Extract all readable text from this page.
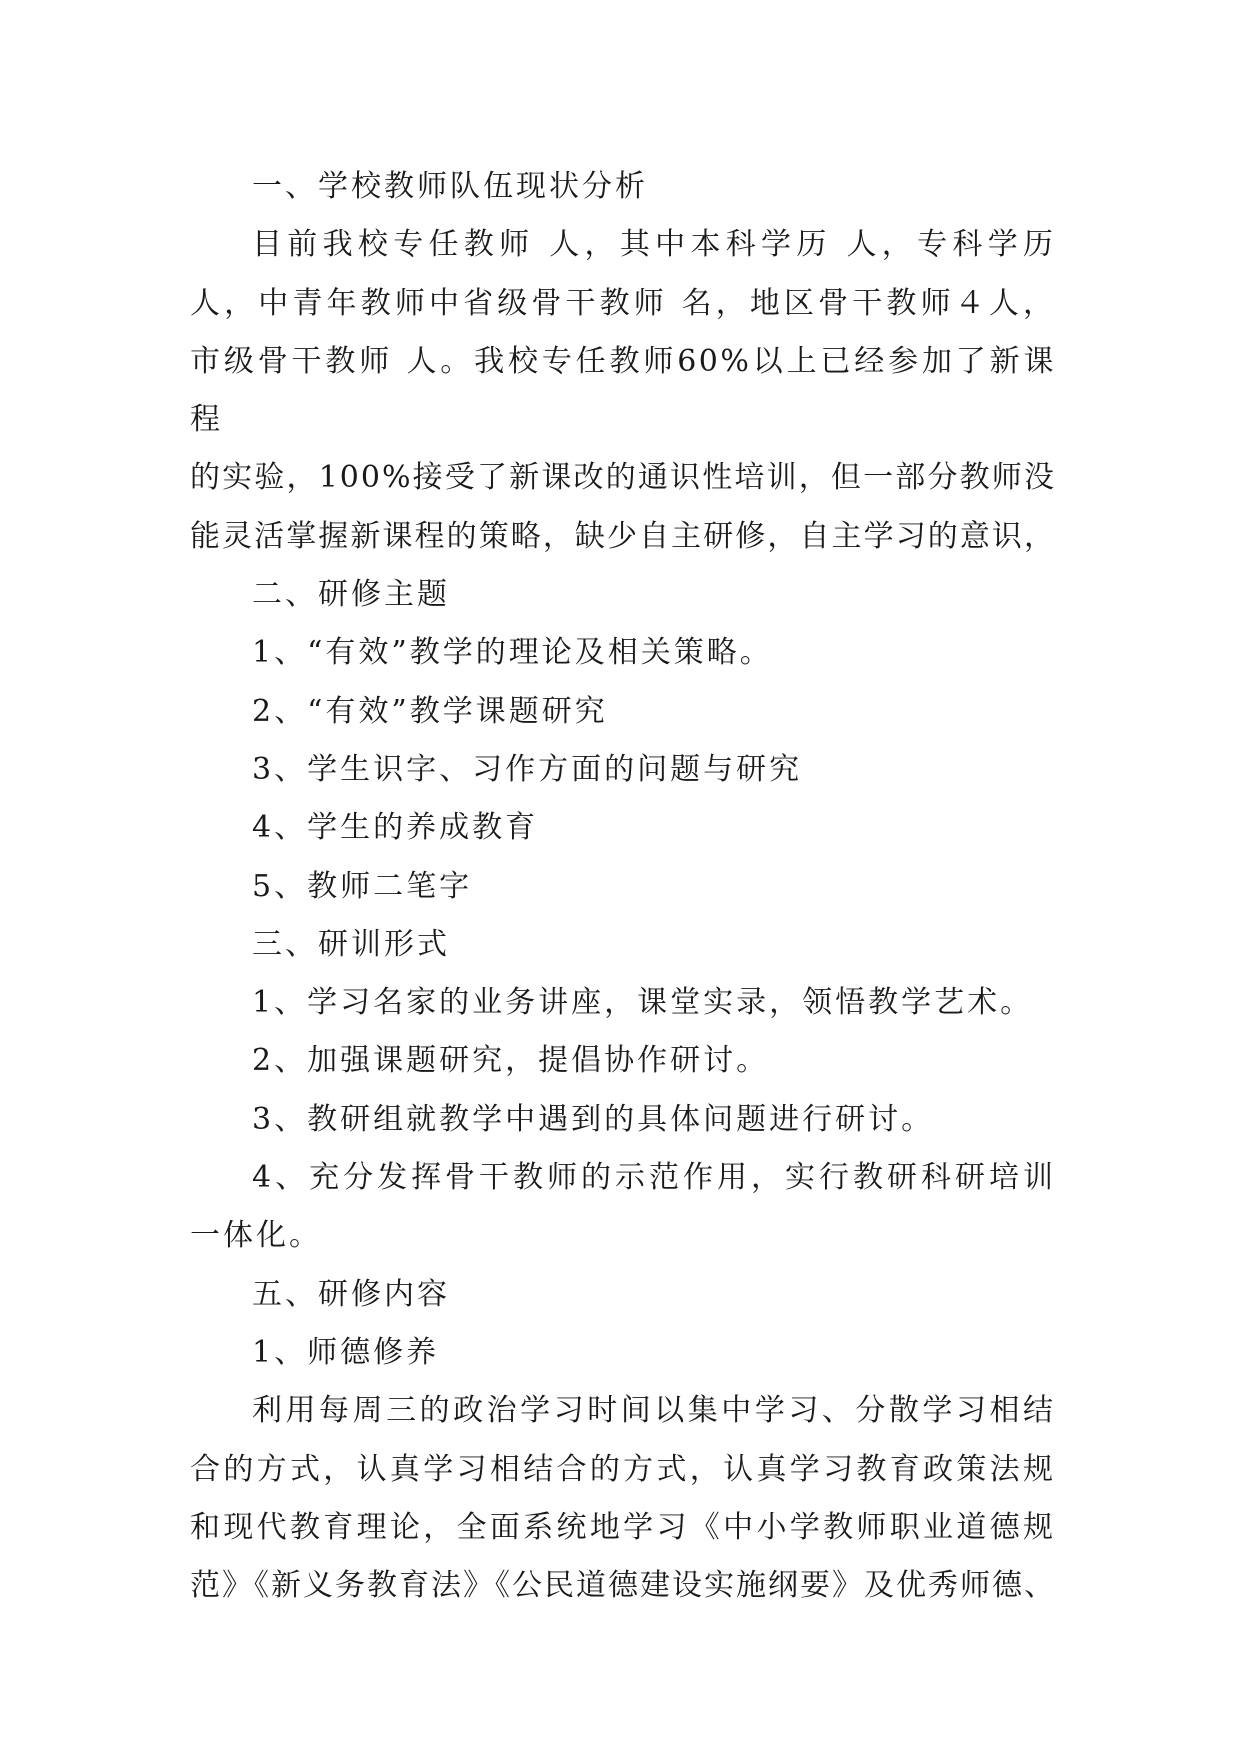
一、学校教师队伍现状分析

目前我校专任教师 人，其中本科学历 人，专科学历

人，中青年教师中省级骨干教师 名，地区骨干教师４人，

市级骨干教师 人。我校专任教师60%以上已经参加了新课程

的实验，100%接受了新课改的通识性培训，但一部分教师没

能灵活掌握新课程的策略，缺少自主研修，自主学习的意识，

二、研修主题

1、“有效”教学的理论及相关策略。

2、“有效”教学课题研究

3、学生识字、习作方面的问题与研究

4、学生的养成教育

5、教师二笔字

三、研训形式

1、学习名家的业务讲座，课堂实录，领悟教学艺术。

2、加强课题研究，提倡协作研讨。

3、教研组就教学中遇到的具体问题进行研讨。

4、充分发挥骨干教师的示范作用，实行教研科研培训

一体化。

五、研修内容

1、师德修养

利用每周三的政治学习时间以集中学习、分散学习相结

合的方式，认真学习相结合的方式，认真学习教育政策法规

和现代教育理论，全面系统地学习《中小学教师职业道德规

范》《新义务教育法》《公民道德建设实施纲要》及优秀师德、
